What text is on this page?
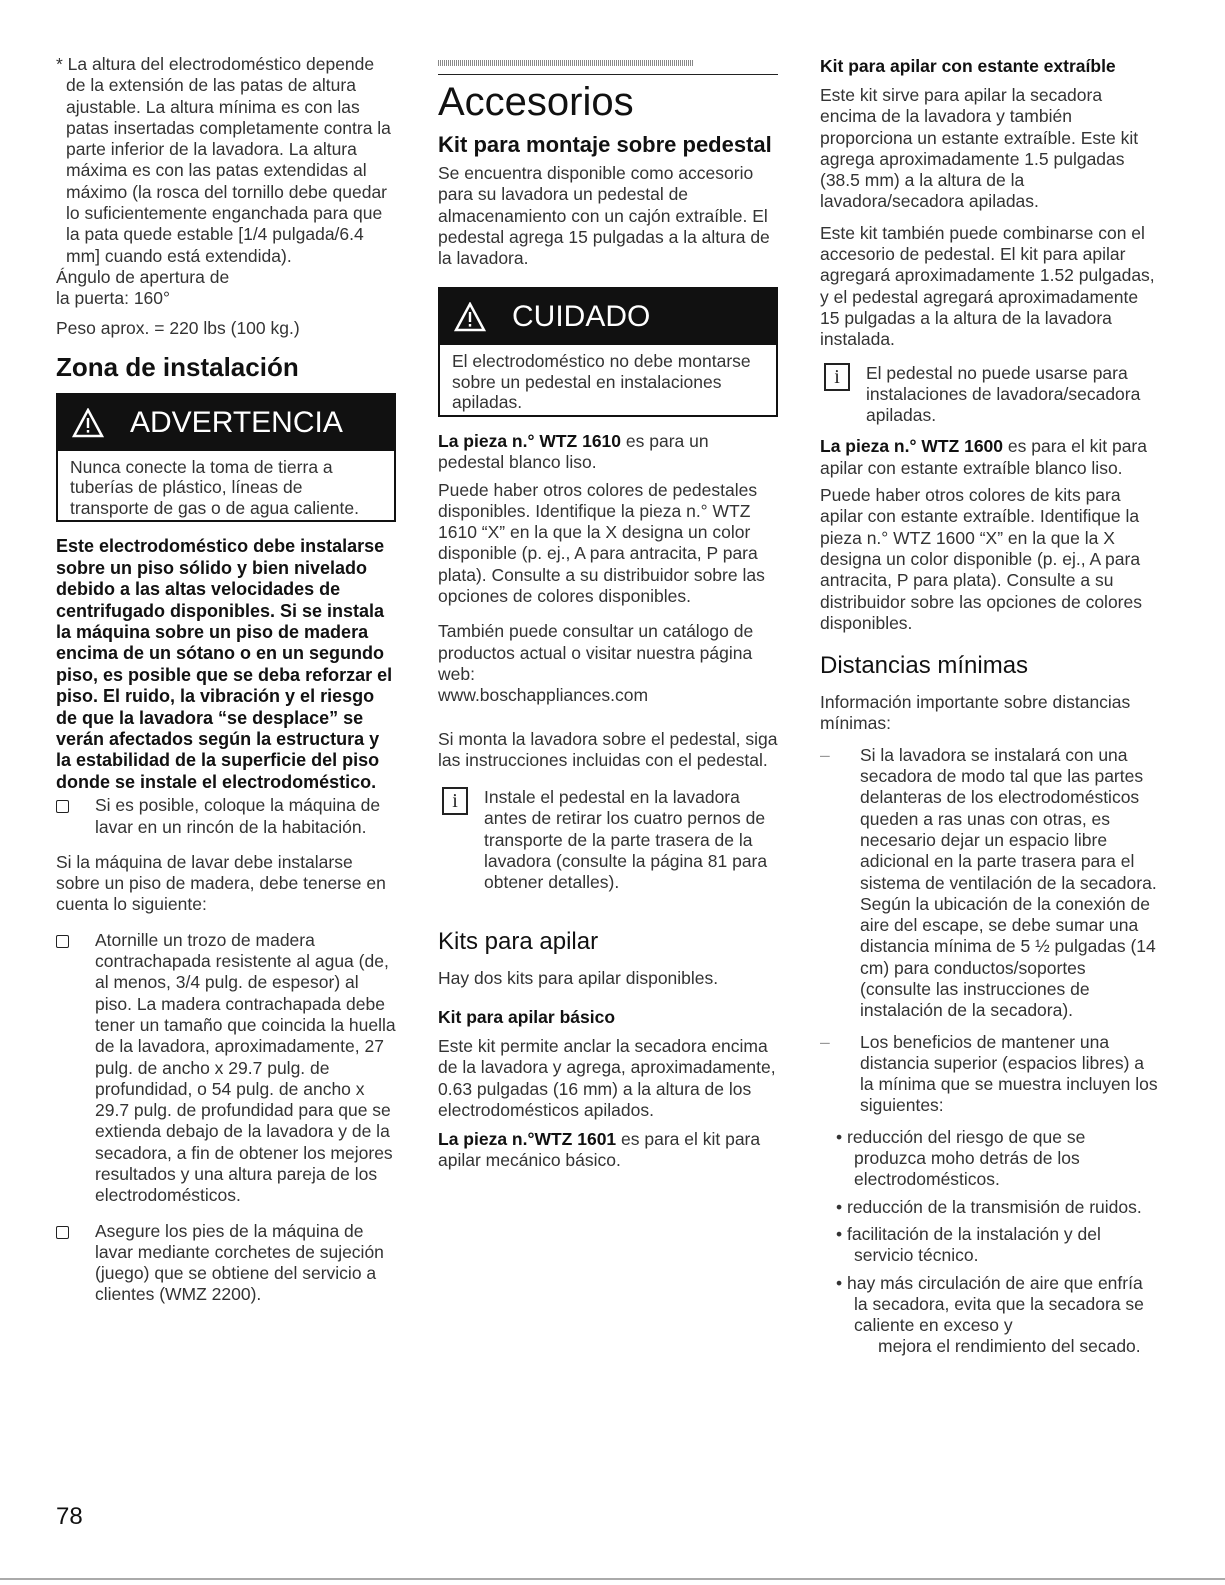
* La altura del electrodoméstico depende de la extensión de las patas de altura ajustable. La altura mínima es con las patas insertadas completamente contra la parte inferior de la lavadora. La altura máxima es con las patas extendidas al máximo (la rosca del tornillo debe quedar lo suficientemente enganchada para que la pata quede estable [1/4 pulgada/6.4 mm] cuando está extendida).

Ángulo de apertura de

la puerta: 160°

Peso aprox. = 220 lbs (100 kg.)

Zona de instalación
ADVERTENCIA

Nunca conecte la toma de tierra a tuberías de plástico, líneas de transporte de gas o de agua caliente.

Este electrodoméstico debe instalarse sobre un piso sólido y bien nivelado debido a las altas velocidades de centrifugado disponibles. Si se instala la máquina sobre un piso de madera encima de un sótano o en un segundo piso, es posible que se deba reforzar el piso. El ruido, la vibración y el riesgo de que la lavadora “se desplace” se verán afectados según la estructura y la estabilidad de la superficie del piso donde se instale el electrodoméstico.

Si es posible, coloque la máquina de lavar en un rincón de la habitación.

Si la máquina de lavar debe instalarse sobre un piso de madera, debe tenerse en cuenta lo siguiente:

Atornille un trozo de madera contrachapada resistente al agua (de, al menos, 3/4 pulg. de espesor) al piso. La madera contrachapada debe tener un tamaño que coincida la huella de la lavadora, aproximadamente, 27 pulg. de ancho x 29.7 pulg. de profundidad, o 54 pulg. de ancho x 29.7 pulg. de profundidad para que se extienda debajo de la lavadora y de la secadora, a fin de obtener los mejores resultados y una altura pareja de los electrodomésticos.

Asegure los pies de la máquina de lavar mediante corchetes de sujeción (juego) que se obtiene del servicio a clientes (WMZ 2200).

Accesorios
Kit para montaje sobre pedestal

Se encuentra disponible como accesorio para su lavadora un pedestal de almacenamiento con un cajón extraíble. El pedestal agrega 15 pulgadas a la altura de la lavadora.

CUIDADO

El electrodoméstico no debe montarse sobre un pedestal en instalaciones apiladas.

La pieza n.° WTZ 1610 es para un pedestal blanco liso.

Puede haber otros colores de pedestales disponibles. Identifique la pieza n.° WTZ 1610 “X” en la que la X designa un color disponible (p. ej., A para antracita, P para plata). Consulte a su distribuidor sobre las opciones de colores disponibles.

También puede consultar un catálogo de productos actual o visitar nuestra página web:

www.boschappliances.com

Si monta la lavadora sobre el pedestal, siga las instrucciones incluidas con el pedestal.

i	Instale el pedestal en la lavadora antes de retirar los cuatro pernos de transporte de la parte trasera de la lavadora (consulte la página 81 para obtener detalles).

Kits para apilar

Hay dos kits para apilar disponibles.

Kit para apilar básico

Este kit permite anclar la secadora encima de la lavadora y agrega, aproximadamente, 0.63 pulgadas (16 mm) a la altura de los electrodomésticos apilados.

La pieza n.°WTZ 1601 es para el kit para apilar mecánico básico.

Kit para apilar con estante extraíble

Este kit sirve para apilar la secadora encima de la lavadora y también proporciona un estante extraíble. Este kit agrega aproximadamente 1.5 pulgadas (38.5 mm) a la altura de la lavadora/secadora apiladas.

Este kit también puede combinarse con el accesorio de pedestal. El kit para apilar agregará aproximadamente 1.52 pulgadas, y el pedestal agregará aproximadamente 15 pulgadas a la altura de la lavadora instalada.

i	El pedestal no puede usarse para instalaciones de lavadora/secadora apiladas.

La pieza n.° WTZ 1600 es para el kit para apilar con estante extraíble blanco liso.

Puede haber otros colores de kits para apilar con estante extraíble. Identifique la pieza n.° WTZ 1600 “X” en la que la X designa un color disponible (p. ej., A para antracita, P para plata). Consulte a su distribuidor sobre las opciones de colores disponibles.

Distancias mínimas

Información importante sobre distancias mínimas:

–	Si la lavadora se instalará con una secadora de modo tal que las partes delanteras de los electrodomésticos queden a ras unas con otras, es necesario dejar un espacio libre adicional en la parte trasera para el sistema de ventilación de la secadora. Según la ubicación de la conexión de aire del escape, se debe sumar una distancia mínima de 5 ½ pulgadas (14 cm) para conductos/soportes (consulte las instrucciones de instalación de la secadora).

–	Los beneficios de mantener una distancia superior (espacios libres) a la mínima que se muestra incluyen los siguientes:

• reducción del riesgo de que se produzca moho detrás de los electrodomésticos.

• reducción de la transmisión de ruidos.

• facilitación de la instalación y del servicio técnico.

• hay más circulación de aire que enfría la secadora, evita que la secadora se caliente en exceso y

mejora el rendimiento del secado.

78
